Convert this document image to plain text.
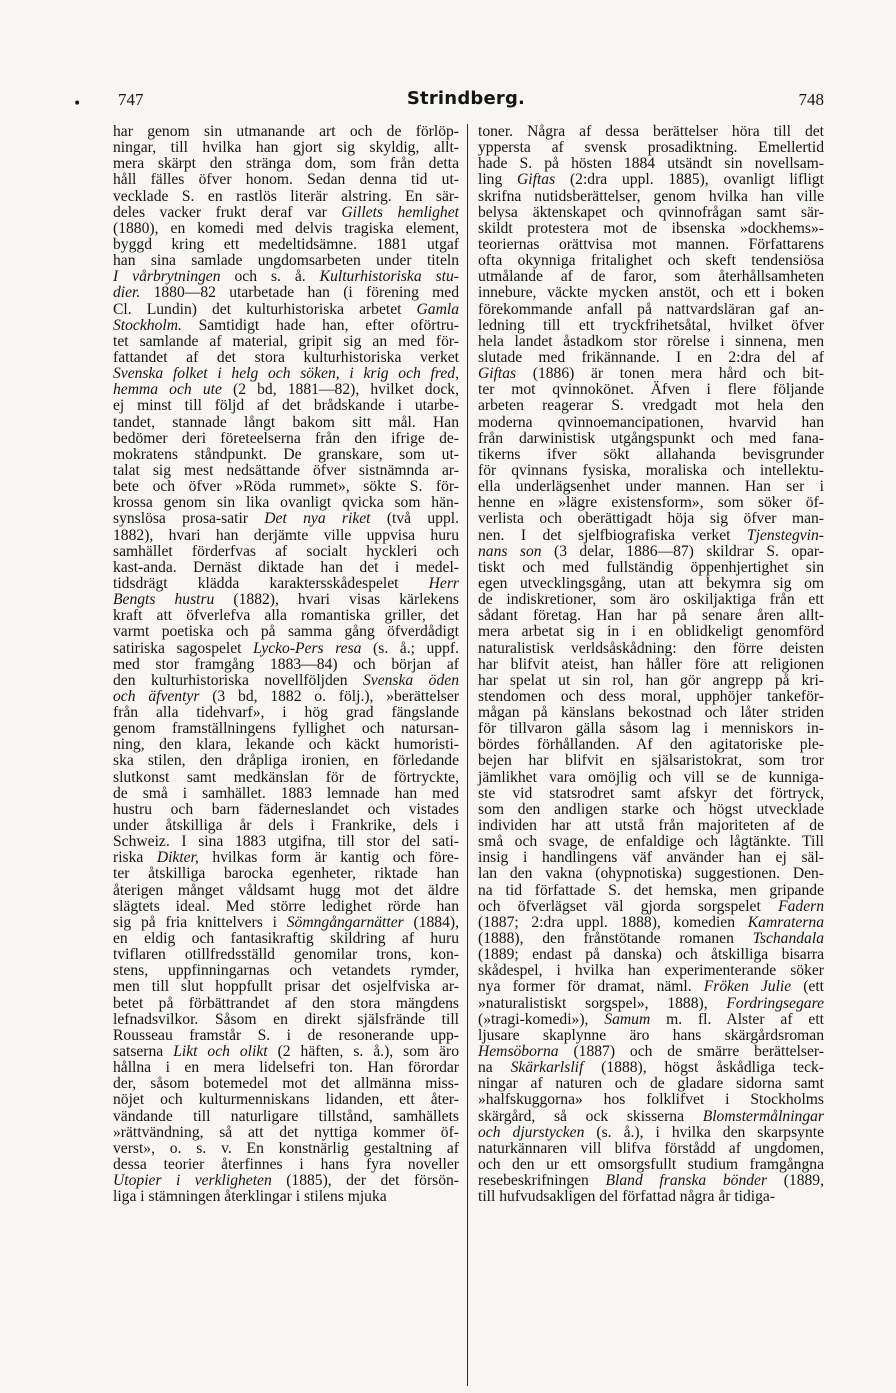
• 747	Strindberg.	748
har genom sin utmanande art och de förlöp-
ningar, till hvilka han gjort sig skyldig, allt-
mera skärpt den stränga dom, som från detta
håll fälles öfver honom. Sedan denna tid ut-
vecklade S. en rastlös literär alstring. En sär-
deles vacker frukt deraf var Gillets hemlighet
(1880), en komedi med delvis tragiska element,
byggd kring ett medeltidsämne. 1881 utgaf
han sina samlade ungdomsarbeten under titeln
I vårbrytningen och s. å. Kulturhistoriska stu-
dier. 1880—82 utarbetade han (i förening med
Cl. Lundin) det kulturhistoriska arbetet Gamla
Stockholm. Samtidigt hade han, efter oförtru-
tet samlande af material, gripit sig an med för-
fattandet af det stora kulturhistoriska verket
Svenska folket i helg och söken, i krig och fred,
hemma och ute (2 bd, 1881—82), hvilket dock,
ej minst till följd af det brådskande i utarbe-
tandet, stannade långt bakom sitt mål. Han
bedömer deri företeelserna från den ifrige de-
mokratens ståndpunkt. De granskare, som ut-
talat sig mest nedsättande öfver sistnämnda ar-
bete och öfver »Röda rummet», sökte S. för-
krossa genom sin lika ovanligt qvicka som hän-
synslösa prosa-satir Det nya riket (två uppl.
1882), hvari han derjämte ville uppvisa huru
samhället förderfvas af socialt hyckleri och
kast-anda. Dernäst diktade han det i medel-
tidsdrägt klädda karaktersskådespelet Herr
Bengts hustru (1882), hvari visas kärlekens
kraft att öfverlefva alla romantiska griller, det
varmt poetiska och på samma gång öfverdådigt
satiriska sagospelet Lycko-Pers resa (s. å.; uppf.
med stor framgång 1883—84) och början af
den kulturhistoriska novellföljden Svenska öden
och äfventyr (3 bd, 1882 o. följ.), »berättelser
från alla tidehvarf», i hög grad fängslande
genom framställningens fyllighet och natursan-
ning, den klara, lekande och käckt humoristi-
ska stilen, den dråpliga ironien, en förledande
slutkonst samt medkänslan för de förtryckte,
de små i samhället. 1883 lemnade han med
hustru och barn fäderneslandet och vistades
under åtskilliga år dels i Frankrike, dels i
Schweiz. I sina 1883 utgifna, till stor del sati-
riska Dikter, hvilkas form är kantig och före-
ter åtskilliga barocka egenheter, riktade han
återigen månget våldsamt hugg mot det äldre
slägtets ideal. Med större ledighet rörde han
sig på fria knittelvers i Sömngångarnätter (1884),
en eldig och fantasikraftig skildring af huru
tviflaren otillfredsställd genomilar trons, kon-
stens, uppfinningarnas och vetandets rymder,
men till slut hoppfullt prisar det osjelfviska ar-
betet på förbättrandet af den stora mängdens
lefnadsvilkor. Såsom en direkt själsfrände till
Rousseau framstår S. i de resonerande upp-
satserna Likt och olikt (2 häften, s. å.), som äro
hållna i en mera lidelsefri ton. Han förordar
der, såsom botemedel mot det allmänna miss-
nöjet och kulturmenniskans lidanden, ett åter-
vändande till naturligare tillstånd, samhällets
»rättvändning, så att det nyttiga kommer öf-
verst», o. s. v. En konstnärlig gestaltning af
dessa teorier återfinnes i hans fyra noveller
Utopier i verkligheten (1885), der det försön-
liga i stämningen återklingar i stilens mjuka
toner. Några af dessa berättelser höra till det
yppersta af svensk prosadiktning. Emellertid
hade S. på hösten 1884 utsändt sin novellsam-
ling Giftas (2:dra uppl. 1885), ovanligt lifligt
skrifna nutidsberättelser, genom hvilka han ville
belysa äktenskapet och qvinnofrågan samt sär-
skildt protestera mot de ibsenska »dockhems»-
teoriernas orättvisa mot mannen. Författarens
ofta okynniga fritalighet och skeft tendensiösa
utmålande af de faror, som återhållsamheten
innebure, väckte mycken anstöt, och ett i boken
förekommande anfall på nattvardsläran gaf an-
ledning till ett tryckfrihetsåtal, hvilket öfver
hela landet åstadkom stor rörelse i sinnena, men
slutade med frikännande. I en 2:dra del af
Giftas (1886) är tonen mera hård och bit-
ter mot qvinnokönet. Äfven i flere följande
arbeten reagerar S. vredgadt mot hela den
moderna qvinnoemancipationen, hvarvid han
från darwinistisk utgångspunkt och med fana-
tikerns ifver sökt allahanda bevisgrunder
för qvinnans fysiska, moraliska och intellektu-
ella underlägsenhet under mannen. Han ser i
henne en »lägre existensform», som söker öf-
verlista och oberättigadt höja sig öfver man-
nen. I det sjelfbiografiska verket Tjenstegvin-
nans son (3 delar, 1886—87) skildrar S. opar-
tiskt och med fullständig öppenhjertighet sin
egen utvecklingsgång, utan att bekymra sig om
de indiskretioner, som äro oskiljaktiga från ett
sådant företag. Han har på senare åren allt-
mera arbetat sig in i en oblidkeligt genomförd
naturalistisk verldsåskådning: den förre deisten
har blifvit ateist, han håller före att religionen
har spelat ut sin rol, han gör angrepp på kri-
stendomen och dess moral, upphöjer tankeför-
mågan på känslans bekostnad och låter striden
för tillvaron gälla såsom lag i menniskors in-
bördes förhållanden. Af den agitatoriske ple-
bejen har blifvit en själsaristokrat, som tror
jämlikhet vara omöjlig och vill se de kunniga-
ste vid statsrodret samt afskyr det förtryck,
som den andligen starke och högst utvecklade
individen har att utstå från majoriteten af de
små och svage, de enfaldige och lågtänkte. Till
insig i handlingens väf använder han ej säl-
lan den vakna (ohypnotiska) suggestionen. Den-
na tid författade S. det hemska, men gripande
och öfverlägset väl gjorda sorgspelet Fadern
(1887; 2:dra uppl. 1888), komedien Kamraterna
(1888), den frånstötande romanen Tschandala
(1889; endast på danska) och åtskilliga bisarra
skådespel, i hvilka han experimenterande söker
nya former för dramat, näml. Fröken Julie (ett
»naturalistiskt sorgspel», 1888), Fordringsegare
(»tragi-komedi»), Samum m. fl. Alster af ett
ljusare skaplynne äro hans skärgårdsroman
Hemsöborna (1887) och de smärre berättelser-
na Skärkarlslif (1888), högst åskådliga teck-
ningar af naturen och de gladare sidorna samt
»halfskuggorna» hos folklifvet i Stockholms
skärgård, så ock skisserna Blomstermålningar
och djurstycken (s. å.), i hvilka den skarpsynte
naturkännaren vill blifva förstådd af ungdomen,
och den ur ett omsorgsfullt studium framgångna
resebeskrifningen Bland franska bönder (1889,
till hufvudsakligen del författad några år tidiga-
